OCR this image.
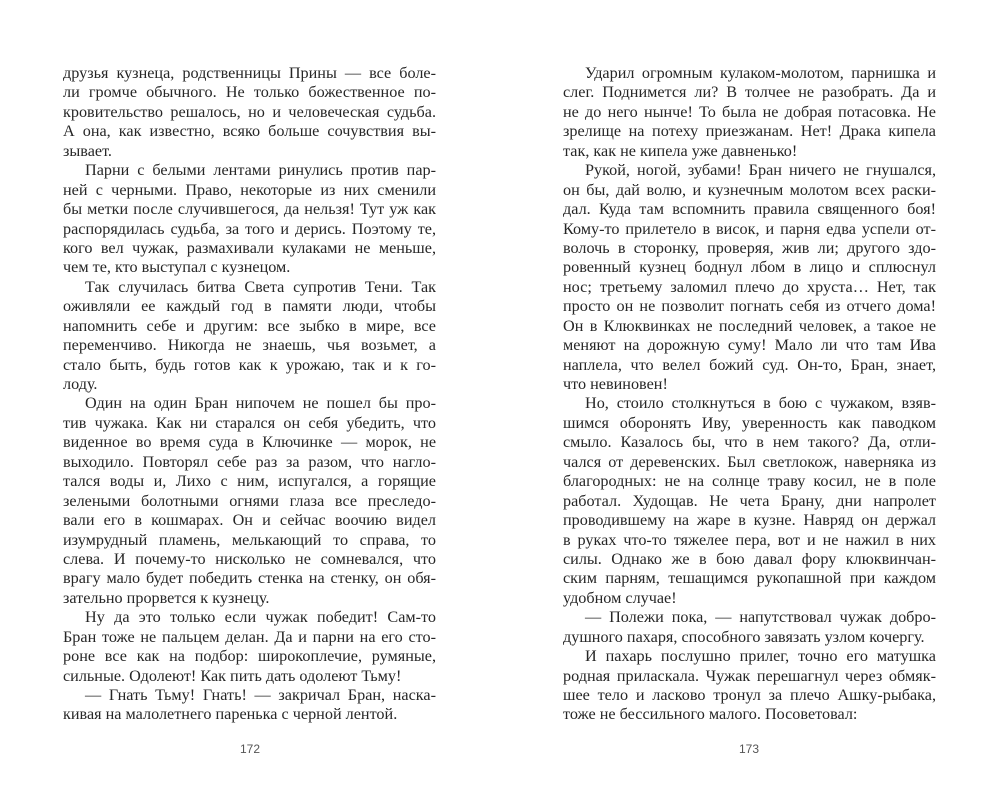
друзья кузнеца, родственницы Прины — все боле-
ли громче обычного. Не только божественное по-
кровительство решалось, но и человеческая судьба.
А она, как известно, всяко больше сочувствия вы-
зывает.
Парни с белыми лентами ринулись против пар-
ней с черными. Право, некоторые из них сменили
бы метки после случившегося, да нельзя! Тут уж как
распорядилась судьба, за того и дерись. Поэтому те,
кого вел чужак, размахивали кулаками не меньше,
чем те, кто выступал с кузнецом.
Так случилась битва Света супротив Тени. Так
оживляли ее каждый год в памяти люди, чтобы
напомнить себе и другим: все зыбко в мире, все
переменчиво. Никогда не знаешь, чья возьмет, а
стало быть, будь готов как к урожаю, так и к го-
лоду.
Один на один Бран нипочем не пошел бы про-
тив чужака. Как ни старался он себя убедить, что
виденное во время суда в Ключинке — морок, не
выходило. Повторял себе раз за разом, что нагло-
тался воды и, Лихо с ним, испугался, а горящие
зелеными болотными огнями глаза все преследо-
вали его в кошмарах. Он и сейчас воочию видел
изумрудный пламень, мелькающий то справа, то
слева. И почему-то нисколько не сомневался, что
врагу мало будет победить стенка на стенку, он обя-
зательно прорвется к кузнецу.
Ну да это только если чужак победит! Сам-то
Бран тоже не пальцем делан. Да и парни на его сто-
роне все как на подбор: широкоплечие, румяные,
сильные. Одолеют! Как пить дать одолеют Тьму!
— Гнать Тьму! Гнать! — закричал Бран, наска-
кивая на малолетнего паренька с черной лентой.
172
Ударил огромным кулаком-молотом, парнишка и
слег. Поднимется ли? В толчее не разобрать. Да и
не до него нынче! То была не добрая потасовка. Не
зрелище на потеху приезжанам. Нет! Драка кипела
так, как не кипела уже давненько!
Рукой, ногой, зубами! Бран ничего не гнушался,
он бы, дай волю, и кузнечным молотом всех раски-
дал. Куда там вспомнить правила священного боя!
Кому-то прилетело в висок, и парня едва успели от-
волочь в сторонку, проверяя, жив ли; другого здо-
ровенный кузнец боднул лбом в лицо и сплюснул
нос; третьему заломил плечо до хруста… Нет, так
просто он не позволит погнать себя из отчего дома!
Он в Клюквинках не последний человек, а такое не
меняют на дорожную суму! Мало ли что там Ива
наплела, что велел божий суд. Он-то, Бран, знает,
что невиновен!
Но, стоило столкнуться в бою с чужаком, взяв-
шимся оборонять Иву, уверенность как паводком
смыло. Казалось бы, что в нем такого? Да, отли-
чался от деревенских. Был светлокож, наверняка из
благородных: не на солнце траву косил, не в поле
работал. Худощав. Не чета Брану, дни напролет
проводившему на жаре в кузне. Навряд он держал
в руках что-то тяжелее пера, вот и не нажил в них
силы. Однако же в бою давал фору клюквинчан-
ским парням, тешащимся рукопашной при каждом
удобном случае!
— Полежи пока, — напутствовал чужак добро-
душного пахаря, способного завязать узлом кочергу.
И пахарь послушно прилег, точно его матушка
родная приласкала. Чужак перешагнул через обмяк-
шее тело и ласково тронул за плечо Ашку-рыбака,
тоже не бессильного малого. Посоветовал:
173
